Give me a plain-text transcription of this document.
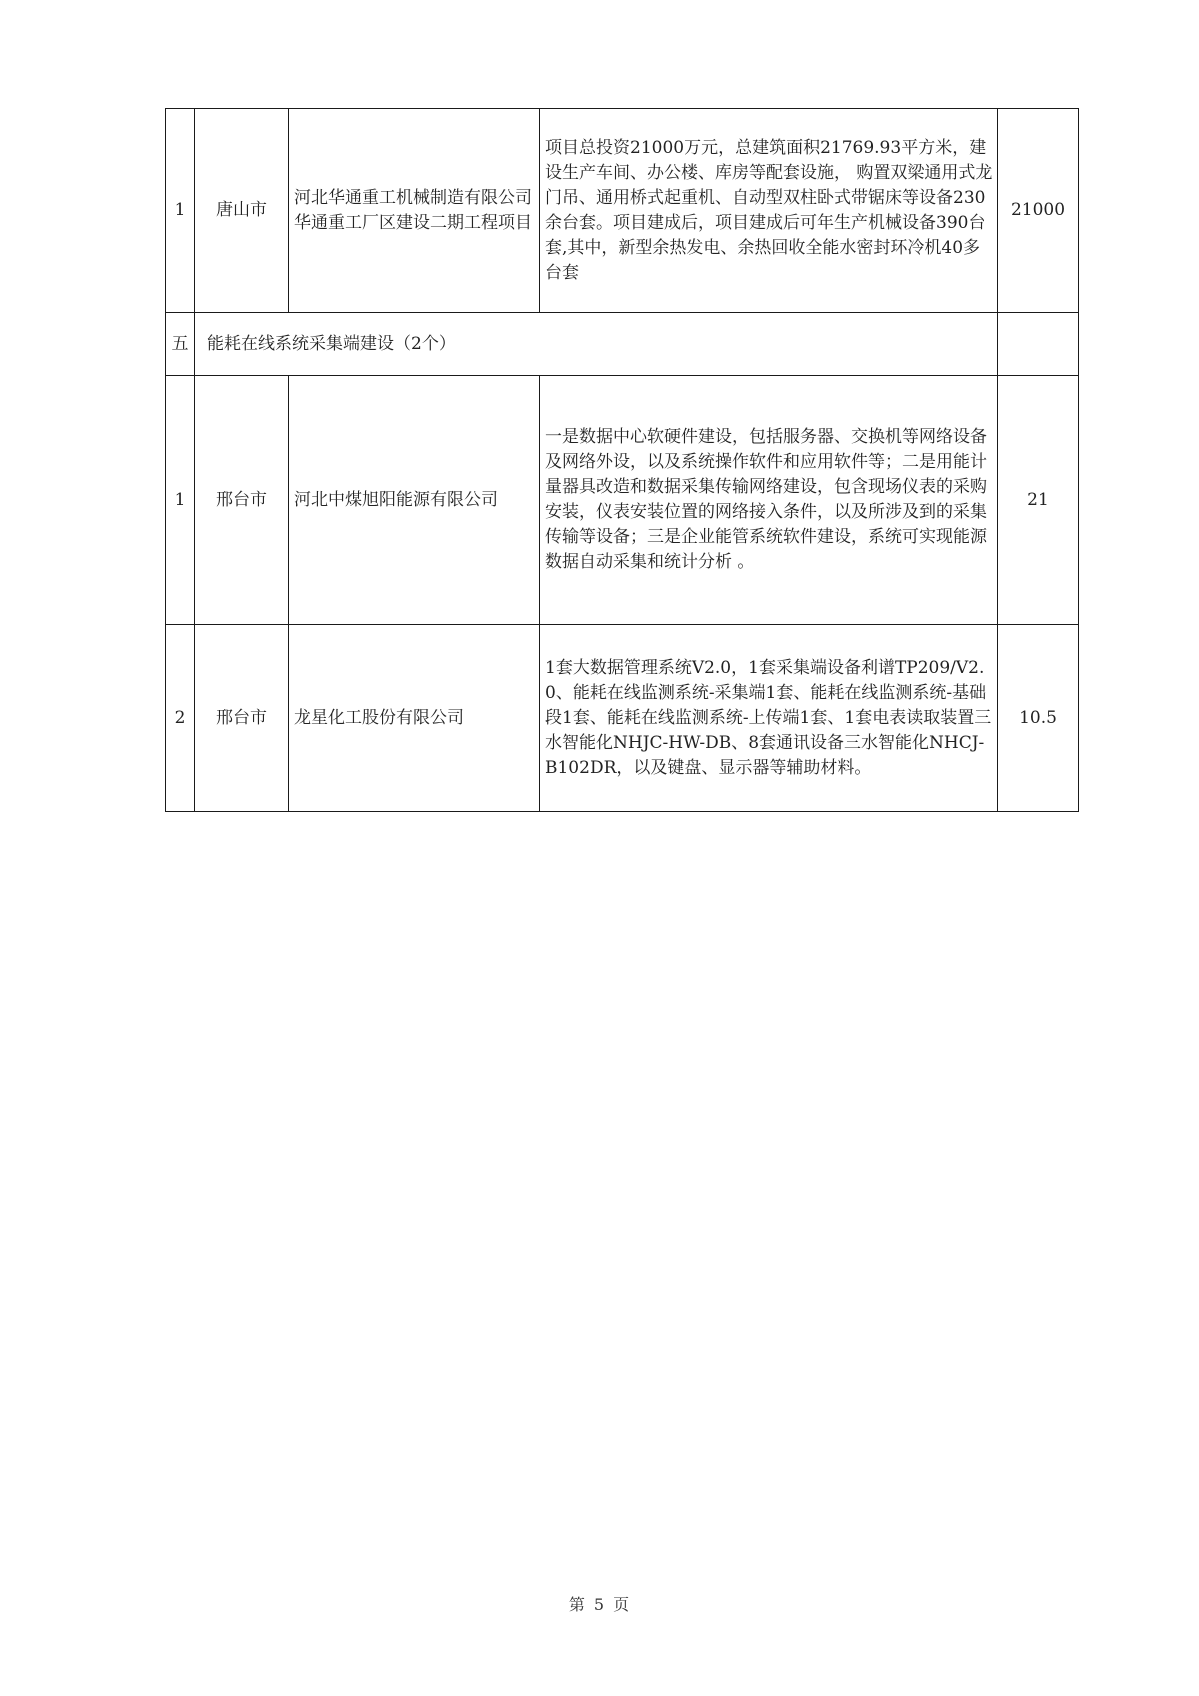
1	唐山市	河北华通重工机械制造有限公司华通重工厂区建设二期工程项目	项目总投资21000万元，总建筑面积21769.93平方米，建设生产车间、办公楼、库房等配套设施， 购置双梁通用式龙门吊、通用桥式起重机、自动型双柱卧式带锯床等设备230余台套。项目建成后，项目建成后可年生产机械设备390台套,其中，新型余热发电、余热回收全能水密封环冷机40多台套	21000
五	能耗在线系统采集端建设（2个）			
1	邢台市	河北中煤旭阳能源有限公司	一是数据中心软硬件建设，包括服务器、交换机等网络设备及网络外设，以及系统操作软件和应用软件等；二是用能计量器具改造和数据采集传输网络建设，包含现场仪表的采购安装，仪表安装位置的网络接入条件，以及所涉及到的采集传输等设备；三是企业能管系统软件建设，系统可实现能源数据自动采集和统计分析 。	21
2	邢台市	龙星化工股份有限公司	1套大数据管理系统V2.0，1套采集端设备利谱TP209/V2.0、能耗在线监测系统-采集端1套、能耗在线监测系统-基础段1套、能耗在线监测系统-上传端1套、1套电表读取装置三水智能化NHJC-HW-DB、8套通讯设备三水智能化NHCJ-B102DR，以及键盘、显示器等辅助材料。	10.5
第 5 页
